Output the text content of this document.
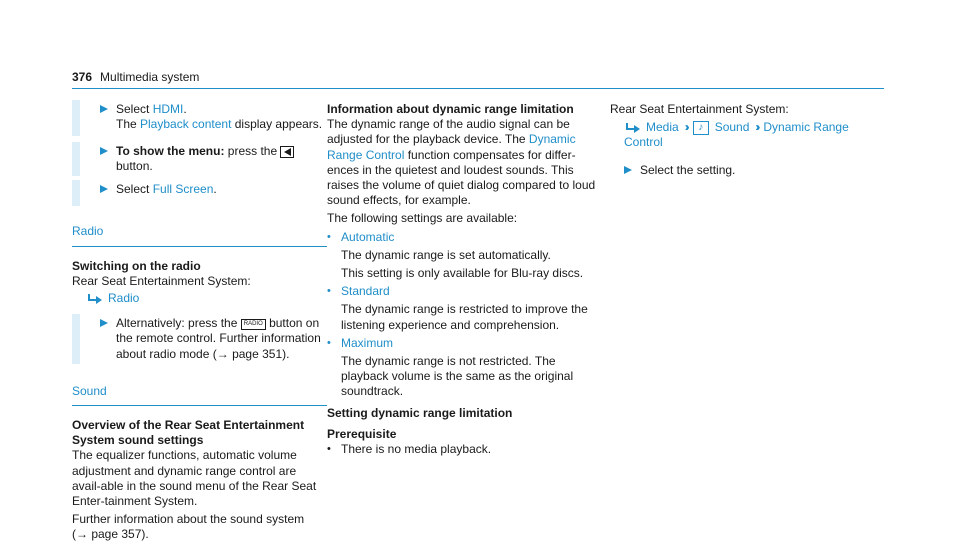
376 Multimedia system

Select HDMI.

The Playback content display appears.

To show the menu: press the  button.

Select Full Screen.

Radio

Switching on the radio

Rear Seat Entertainment System:

Radio

Alternatively: press the RADIO button on the remote control. Further information about radio mode (→ page 351).

Sound

Overview of the Rear Seat Entertainment System sound settings

The equalizer functions, automatic volume adjustment and dynamic range control are avail-able in the sound menu of the Rear Seat Enter-tainment System.

Further information about the sound system

(→ page 357).

Information about dynamic range limitation

The dynamic range of the audio signal can be adjusted for the playback device. The Dynamic Range Control function compensates for differ-ences in the quietest and loudest sounds. This raises the volume of quiet dialog compared to loud sound effects, for example.

The following settings are available:

• Automatic

The dynamic range is set automatically.

This setting is only available for Blu-ray discs.

• Standard

The dynamic range is restricted to improve the listening experience and comprehension.

• Maximum

The dynamic range is not restricted. The playback volume is the same as the original soundtrack.

Setting dynamic range limitation

Prerequisite

• There is no media playback.

Rear Seat Entertainment System:

Media ›› ♪ Sound ›› Dynamic Range Control

Select the setting.
